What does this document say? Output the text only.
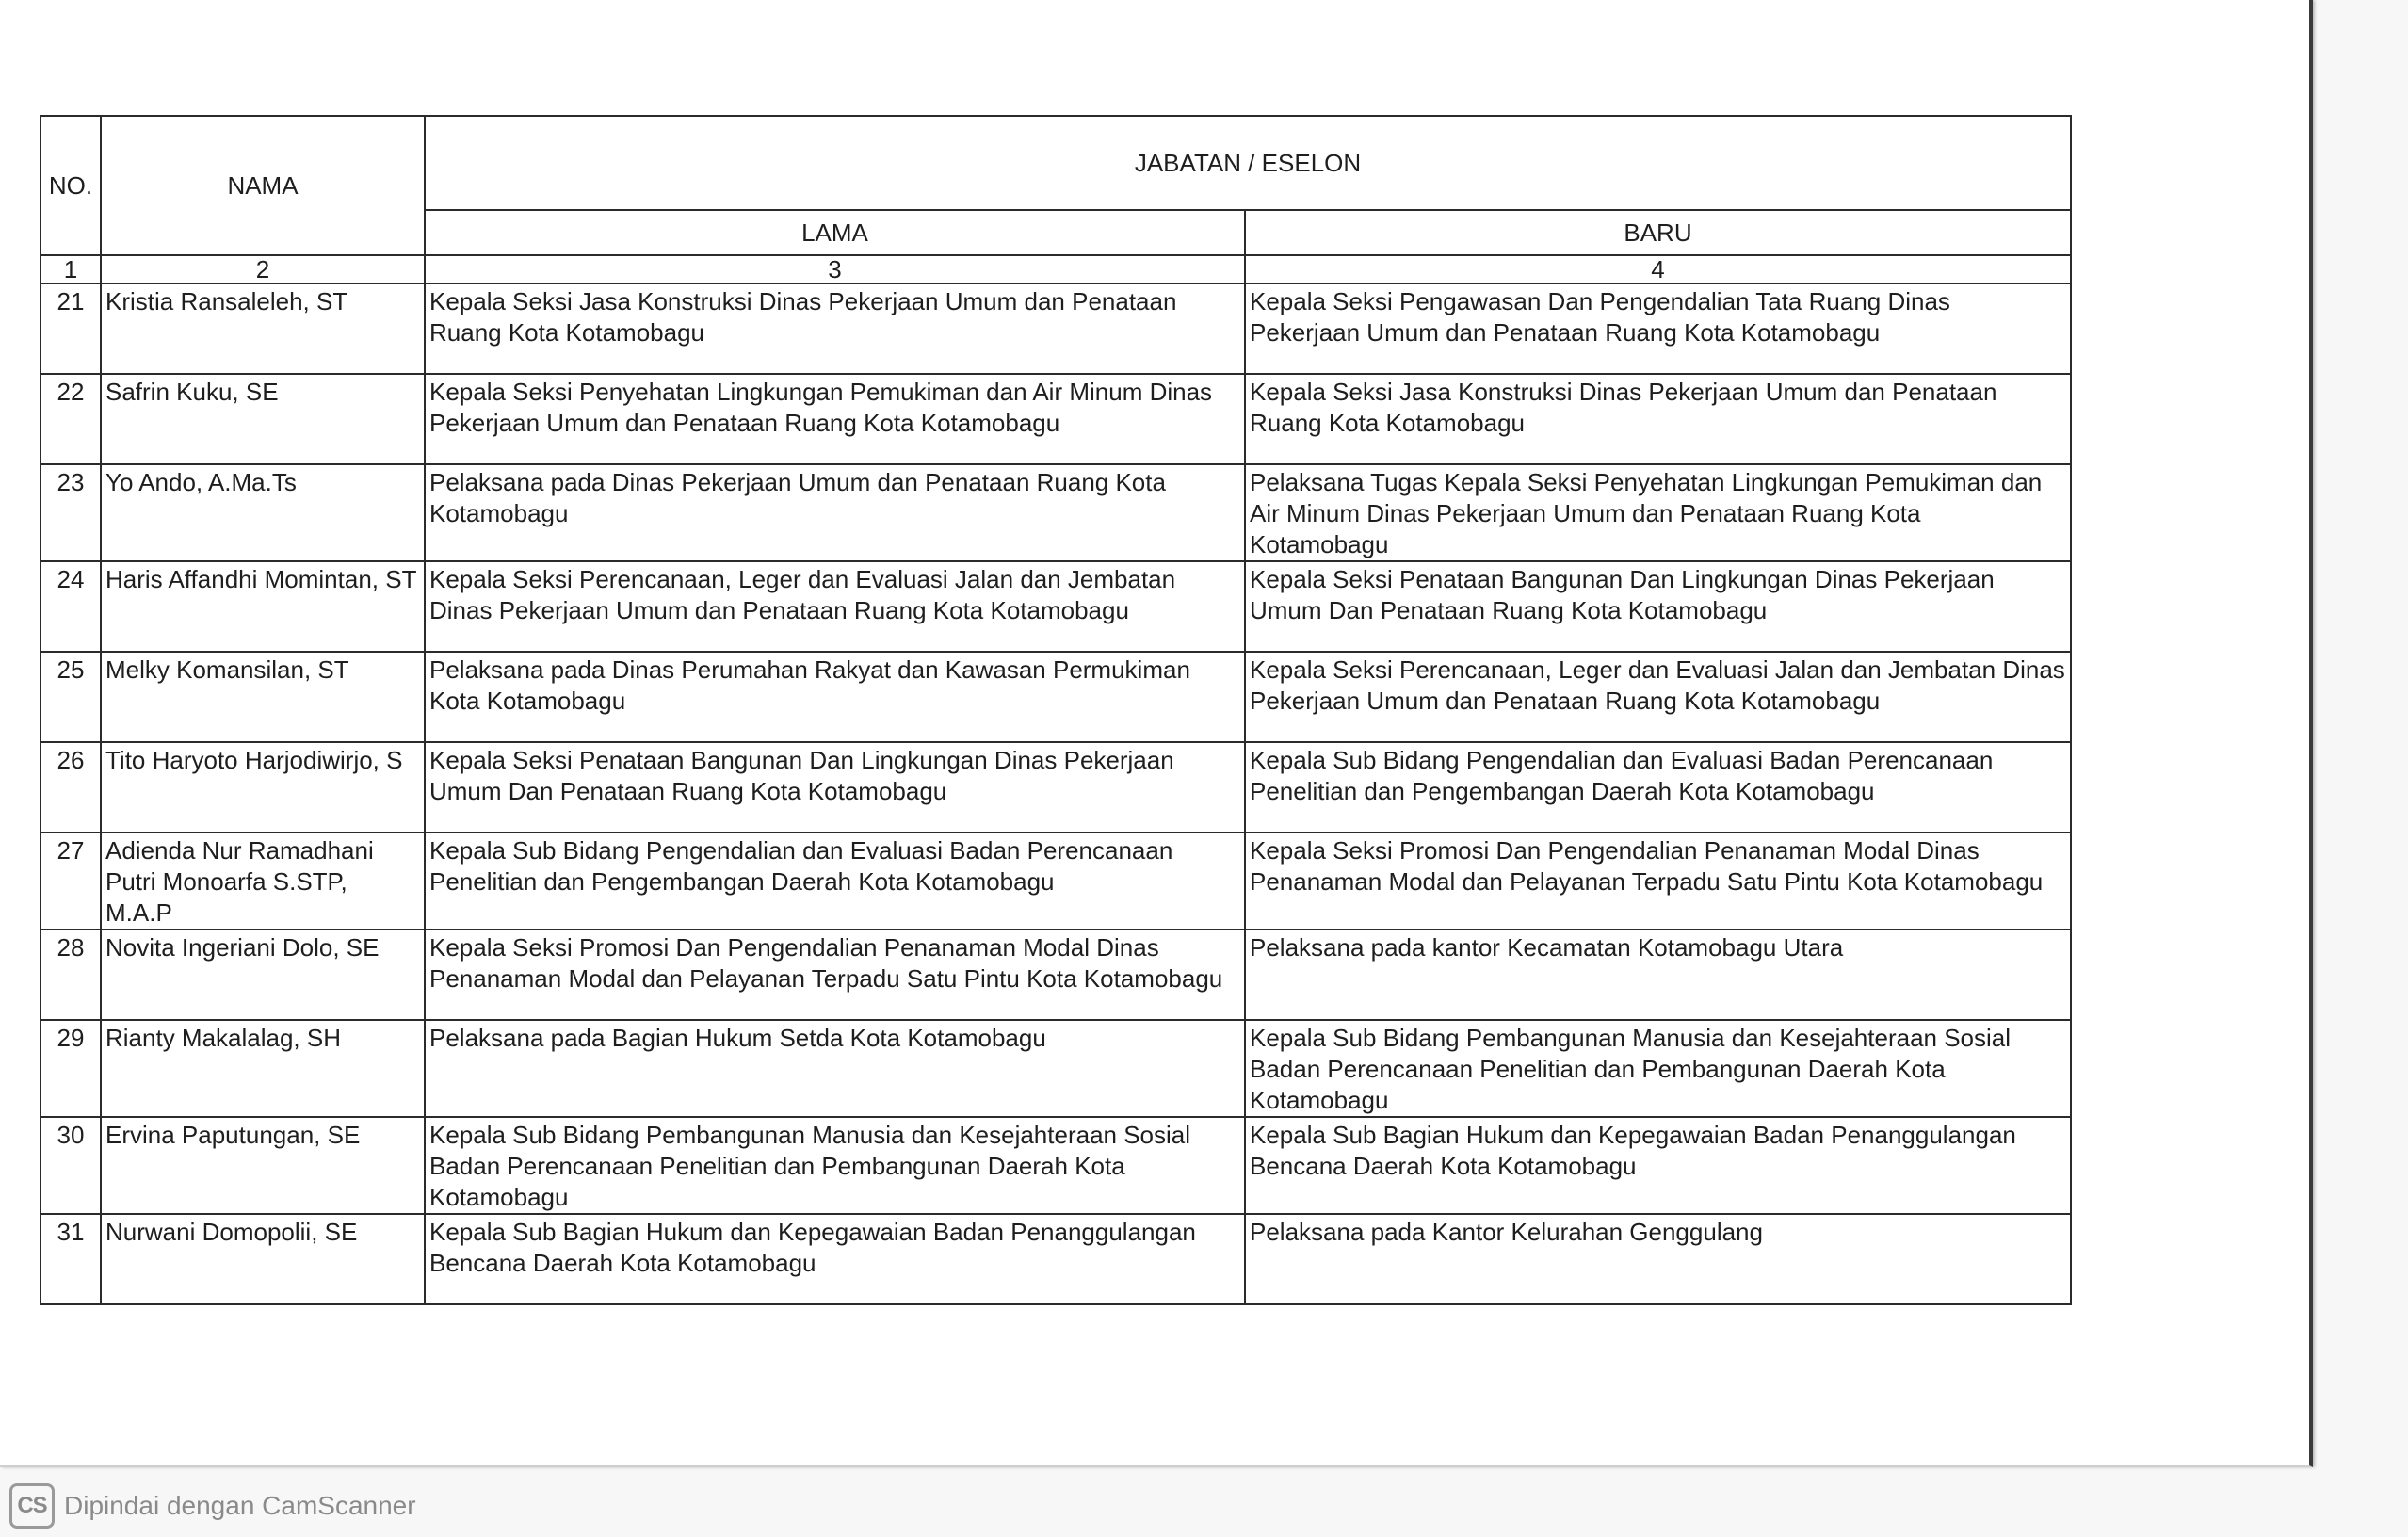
NO.	NAMA	JABATAN / ESELON	
		LAMA	BARU
1	2	3	4
21	Kristia Ransaleleh, ST	Kepala Seksi Jasa Konstruksi Dinas Pekerjaan Umum dan Penataan Ruang Kota Kotamobagu	Kepala Seksi Pengawasan Dan Pengendalian Tata Ruang Dinas Pekerjaan Umum dan Penataan Ruang Kota Kotamobagu
22	Safrin Kuku, SE	Kepala Seksi Penyehatan Lingkungan Pemukiman dan Air Minum Dinas Pekerjaan Umum dan Penataan Ruang Kota Kotamobagu	Kepala Seksi Jasa Konstruksi Dinas Pekerjaan Umum dan Penataan Ruang Kota Kotamobagu
23	Yo Ando, A.Ma.Ts	Pelaksana pada Dinas Pekerjaan Umum dan Penataan Ruang Kota Kotamobagu	Pelaksana Tugas Kepala Seksi Penyehatan Lingkungan Pemukiman dan Air Minum Dinas Pekerjaan Umum dan Penataan Ruang Kota Kotamobagu
24	Haris Affandhi Momintan, ST	Kepala Seksi Perencanaan, Leger dan Evaluasi Jalan dan Jembatan Dinas Pekerjaan Umum dan Penataan Ruang Kota Kotamobagu	Kepala Seksi Penataan Bangunan Dan Lingkungan Dinas Pekerjaan Umum Dan Penataan Ruang Kota Kotamobagu
25	Melky Komansilan, ST	Pelaksana pada Dinas Perumahan Rakyat dan Kawasan Permukiman Kota Kotamobagu	Kepala Seksi Perencanaan, Leger dan Evaluasi Jalan dan Jembatan Dinas Pekerjaan Umum dan Penataan Ruang Kota Kotamobagu
26	Tito Haryoto Harjodiwirjo, S	Kepala Seksi Penataan Bangunan Dan Lingkungan Dinas Pekerjaan Umum Dan Penataan Ruang Kota Kotamobagu	Kepala Sub Bidang Pengendalian dan Evaluasi Badan Perencanaan Penelitian dan Pengembangan Daerah Kota Kotamobagu
27	Adienda Nur Ramadhani Putri Monoarfa S.STP, M.A.P	Kepala Sub Bidang Pengendalian dan Evaluasi Badan Perencanaan Penelitian dan Pengembangan Daerah Kota Kotamobagu	Kepala Seksi Promosi Dan Pengendalian Penanaman Modal Dinas Penanaman Modal dan Pelayanan Terpadu Satu Pintu Kota Kotamobagu
28	Novita Ingeriani Dolo, SE	Kepala Seksi Promosi Dan Pengendalian Penanaman Modal Dinas Penanaman Modal dan Pelayanan Terpadu Satu Pintu Kota Kotamobagu	Pelaksana pada kantor Kecamatan Kotamobagu Utara
29	Rianty Makalalag, SH	Pelaksana pada Bagian Hukum Setda Kota Kotamobagu	Kepala Sub Bidang Pembangunan Manusia dan Kesejahteraan Sosial Badan Perencanaan Penelitian dan Pembangunan Daerah Kota Kotamobagu
30	Ervina Paputungan, SE	Kepala Sub Bidang Pembangunan Manusia dan Kesejahteraan Sosial Badan Perencanaan Penelitian dan Pembangunan Daerah Kota Kotamobagu	Kepala Sub Bagian Hukum dan Kepegawaian Badan Penanggulangan Bencana Daerah Kota Kotamobagu
31	Nurwani Domopolii, SE	Kepala Sub Bagian Hukum dan Kepegawaian Badan Penanggulangan Bencana Daerah Kota Kotamobagu	Pelaksana pada Kantor Kelurahan Genggulang
CS Dipindai dengan CamScanner
